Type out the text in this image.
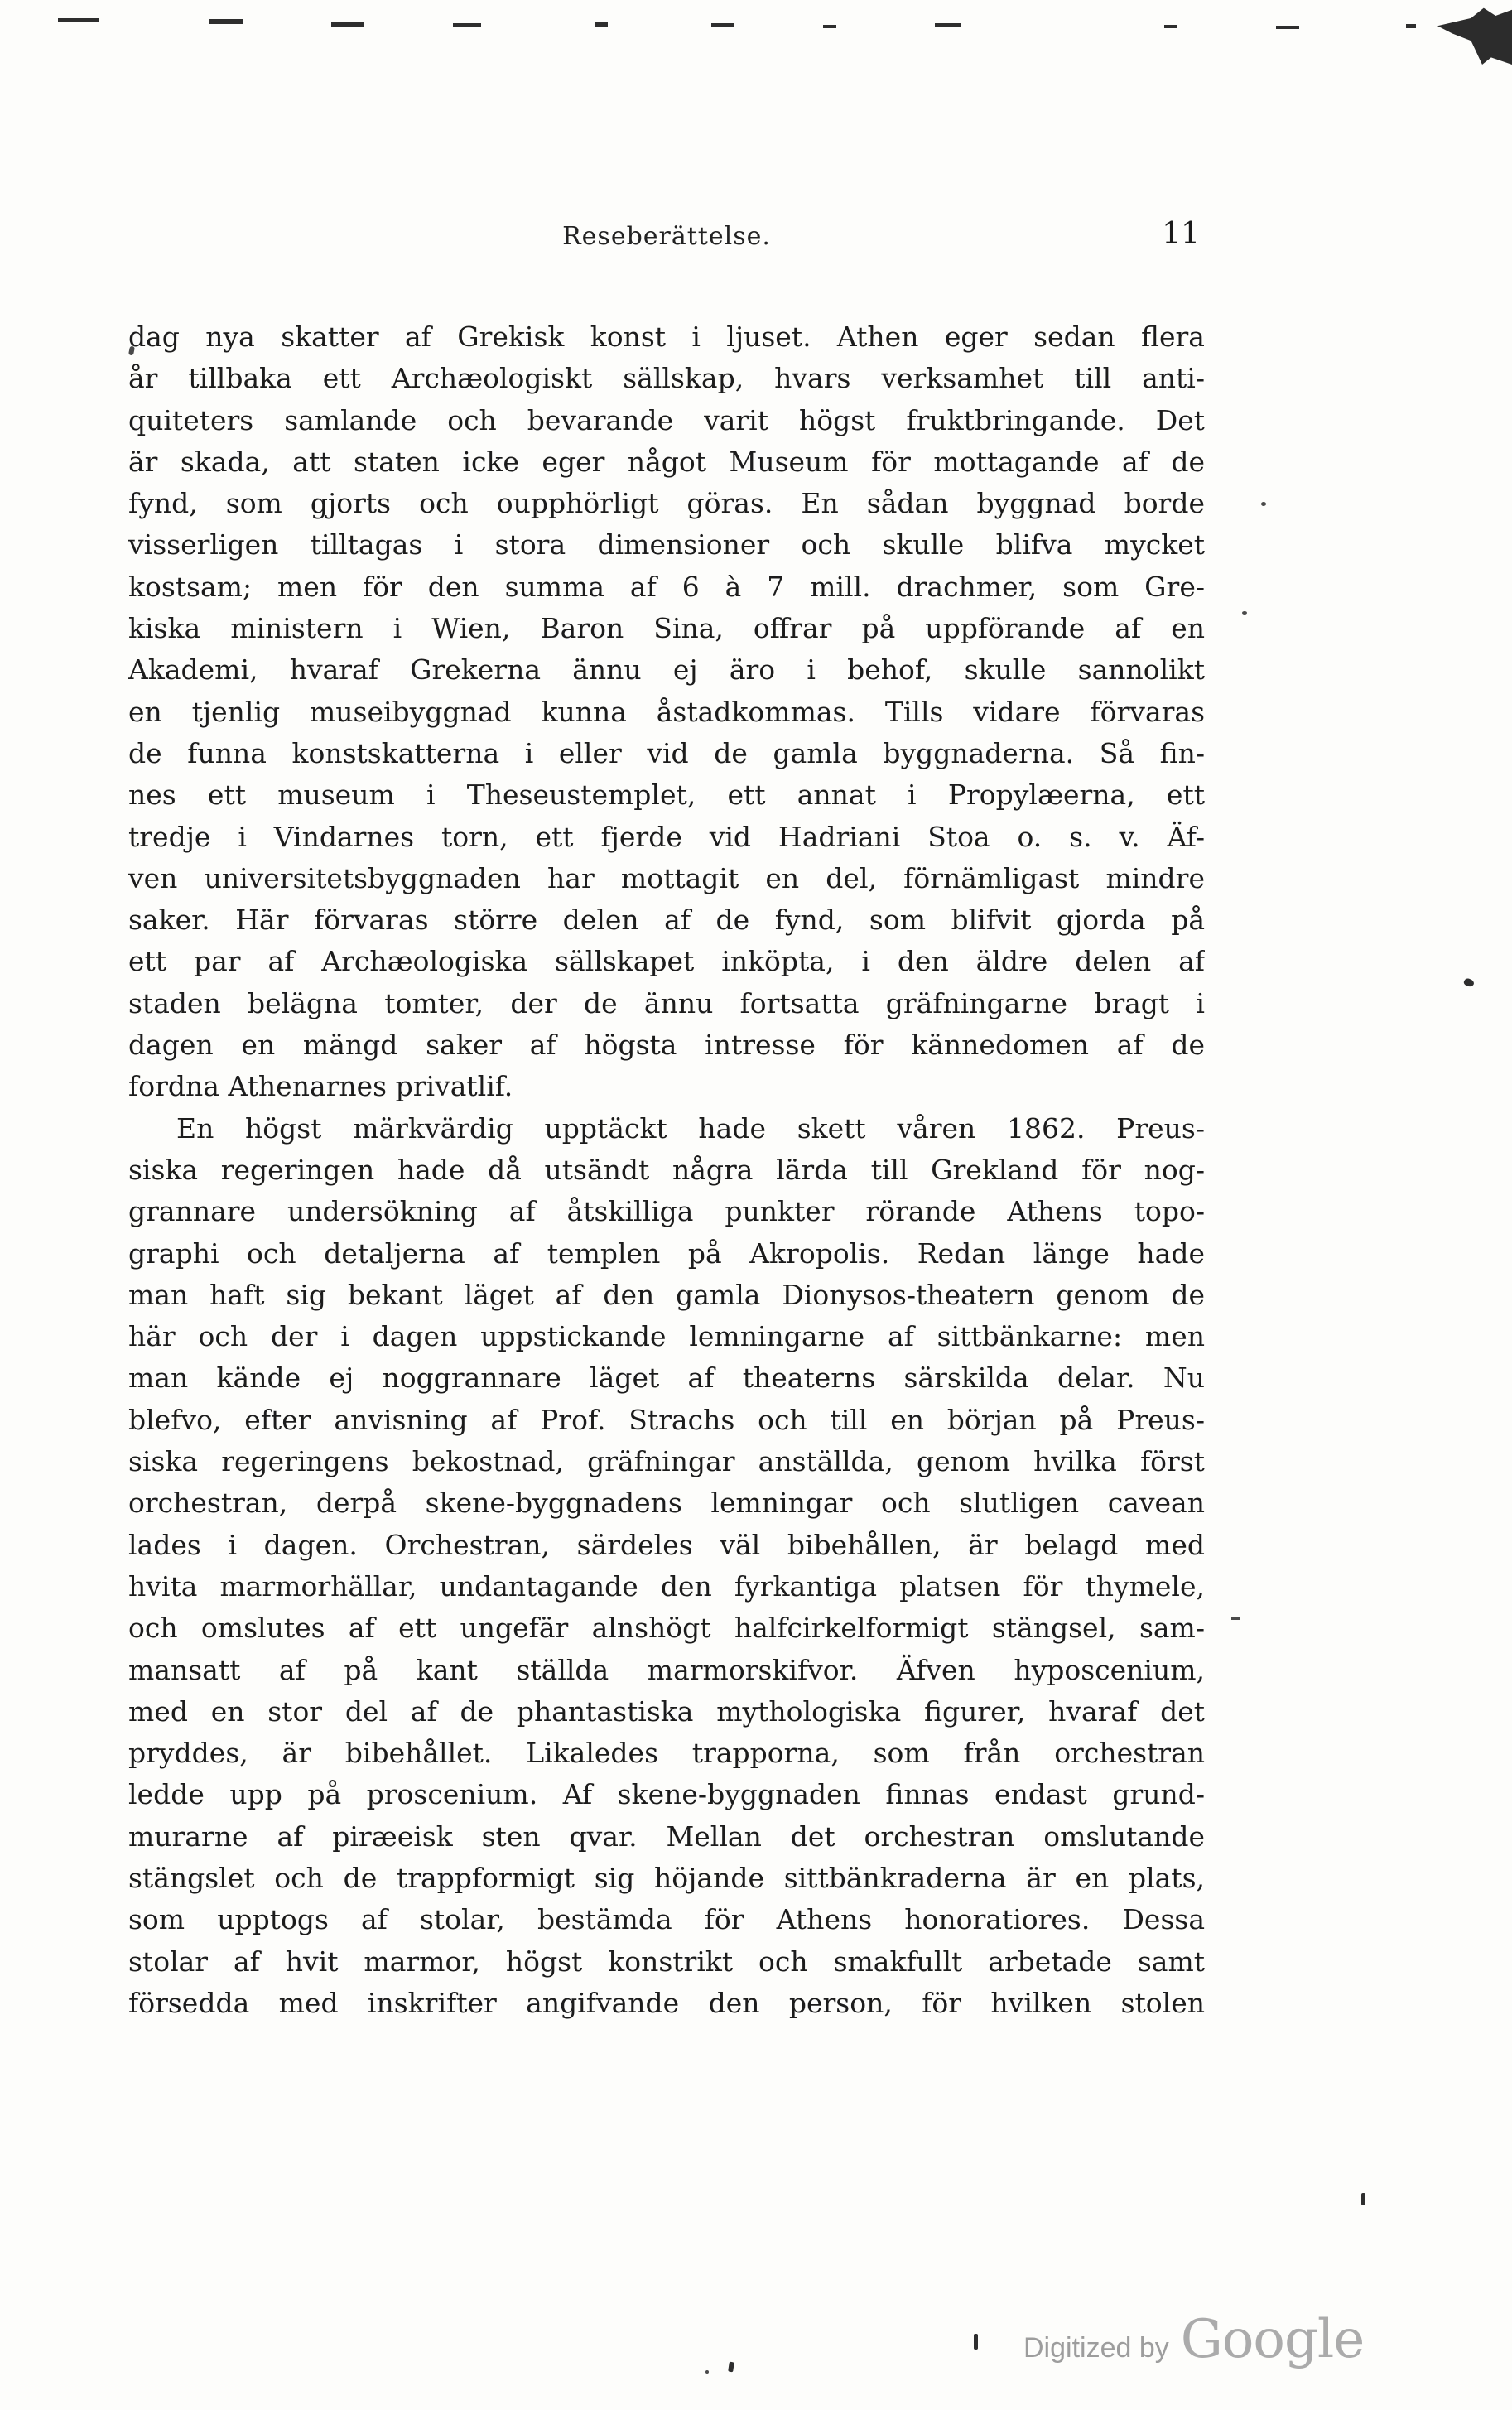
Reseberättelse.	11
dag nya skatter af Grekisk konst i ljuset. Athen eger sedan flera
år tillbaka ett Archæologiskt sällskap, hvars verksamhet till anti-
quiteters samlande och bevarande varit högst fruktbringande. Det
är skada, att staten icke eger något Museum för mottagande af de
fynd, som gjorts och oupphörligt göras. En sådan byggnad borde
visserligen tilltagas i stora dimensioner och skulle blifva mycket
kostsam; men för den summa af 6 à 7 mill. drachmer, som Gre-
kiska ministern i Wien, Baron Sina, offrar på uppförande af en
Akademi, hvaraf Grekerna ännu ej äro i behof, skulle sannolikt
en tjenlig museibyggnad kunna åstadkommas. Tills vidare förvaras
de funna konstskatterna i eller vid de gamla byggnaderna. Så fin-
nes ett museum i Theseustemplet, ett annat i Propylæerna, ett
tredje i Vindarnes torn, ett fjerde vid Hadriani Stoa o. s. v. Äf-
ven universitetsbyggnaden har mottagit en del, förnämligast mindre
saker. Här förvaras större delen af de fynd, som blifvit gjorda på
ett par af Archæologiska sällskapet inköpta, i den äldre delen af
staden belägna tomter, der de ännu fortsatta gräfningarne bragt i
dagen en mängd saker af högsta intresse för kännedomen af de
fordna Athenarnes privatlif.
En högst märkvärdig upptäckt hade skett våren 1862. Preus-
siska regeringen hade då utsändt några lärda till Grekland för nog-
grannare undersökning af åtskilliga punkter rörande Athens topo-
graphi och detaljerna af templen på Akropolis. Redan länge hade
man haft sig bekant läget af den gamla Dionysos-theatern genom de
här och der i dagen uppstickande lemningarne af sittbänkarne: men
man kände ej noggrannare läget af theaterns särskilda delar. Nu
blefvo, efter anvisning af Prof. Strachs och till en början på Preus-
siska regeringens bekostnad, gräfningar anställda, genom hvilka först
orchestran, derpå skene-byggnadens lemningar och slutligen cavean
lades i dagen. Orchestran, särdeles väl bibehållen, är belagd med
hvita marmorhällar, undantagande den fyrkantiga platsen för thymele,
och omslutes af ett ungefär alnshögt halfcirkelformigt stängsel, sam-
mansatt af på kant ställda marmorskifvor. Äfven hyposcenium,
med en stor del af de phantastiska mythologiska figurer, hvaraf det
pryddes, är bibehållet. Likaledes trapporna, som från orchestran
ledde upp på proscenium. Af skene-byggnaden finnas endast grund-
murarne af piræeisk sten qvar. Mellan det orchestran omslutande
stängslet och de trappformigt sig höjande sittbänkraderna är en plats,
som upptogs af stolar, bestämda för Athens honoratiores. Dessa
stolar af hvit marmor, högst konstrikt och smakfullt arbetade samt
försedda med inskrifter angifvande den person, för hvilken stolen
Digitized by Google
